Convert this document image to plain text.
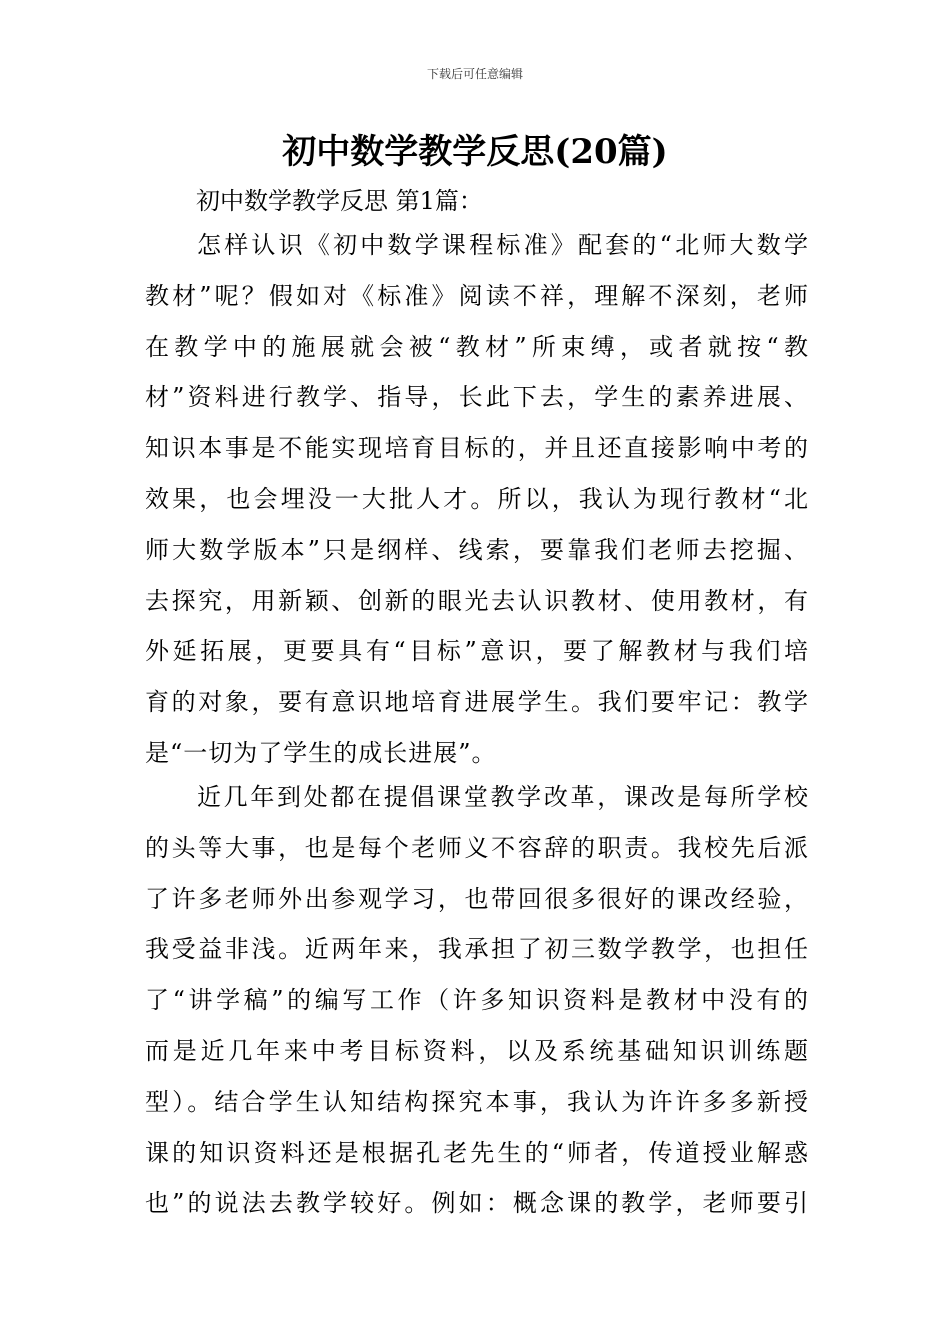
下载后可任意编辑
初中数学教学反思(20篇)

初中数学教学反思 第1篇：

怎样认识《初中数学课程标准》配套的“北师大数学
教材”呢？假如对《标准》阅读不祥，理解不深刻，老师
在教学中的施展就会被“教材”所束缚，或者就按“教
材”资料进行教学、指导，长此下去，学生的素养进展、
知识本事是不能实现培育目标的，并且还直接影响中考的
效果，也会埋没一大批人才。所以，我认为现行教材“北
师大数学版本”只是纲样、线索，要靠我们老师去挖掘、
去探究，用新颖、创新的眼光去认识教材、使用教材，有
外延拓展，更要具有“目标”意识，要了解教材与我们培
育的对象，要有意识地培育进展学生。我们要牢记：教学
是“一切为了学生的成长进展”。

近几年到处都在提倡课堂教学改革，课改是每所学校
的头等大事，也是每个老师义不容辞的职责。我校先后派
了许多老师外出参观学习，也带回很多很好的课改经验，
我受益非浅。近两年来，我承担了初三数学教学，也担任
了“讲学稿”的编写工作（许多知识资料是教材中没有的
而是近几年来中考目标资料，以及系统基础知识训练题
型）。结合学生认知结构探究本事，我认为许许多多新授
课的知识资料还是根据孔老先生的“师者，传道授业解惑
也”的说法去教学较好。例如：概念课的教学，老师要引
